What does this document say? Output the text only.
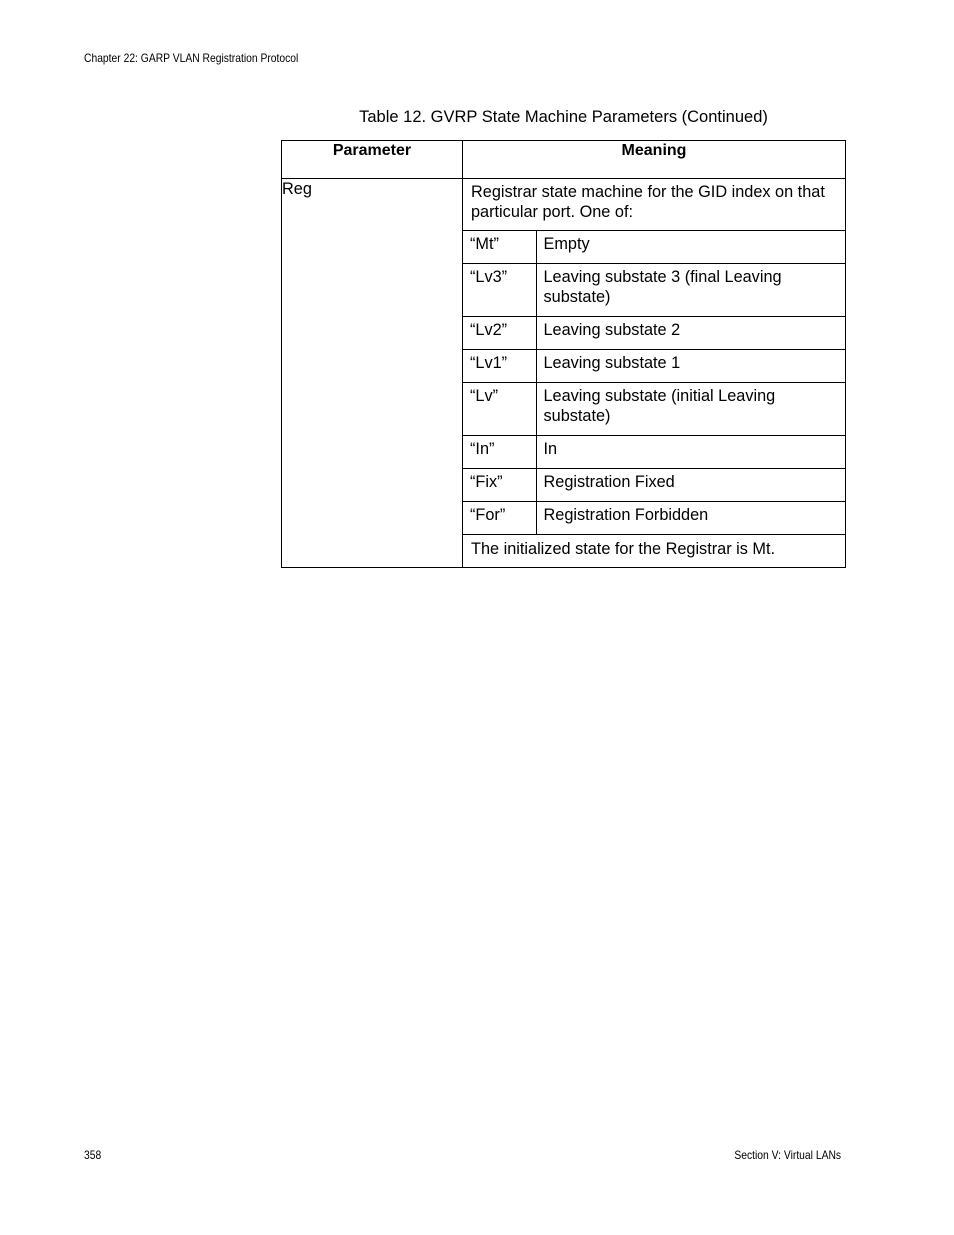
Chapter 22: GARP VLAN Registration Protocol
Table 12. GVRP State Machine Parameters (Continued)
Parameter	Meaning
Reg		Registrar state machine for the GID index on that particular port. One of:

“Mt”	Empty

“Lv3”	Leaving substate 3 (final Leaving substate)

“Lv2”	Leaving substate 2

“Lv1”	Leaving substate 1

“Lv”	Leaving substate (initial Leaving substate)

“In”	In

“Fix”	Registration Fixed

“For”	Registration Forbidden

The initialized state for the Registrar is Mt.
358	Section V: Virtual LANs
